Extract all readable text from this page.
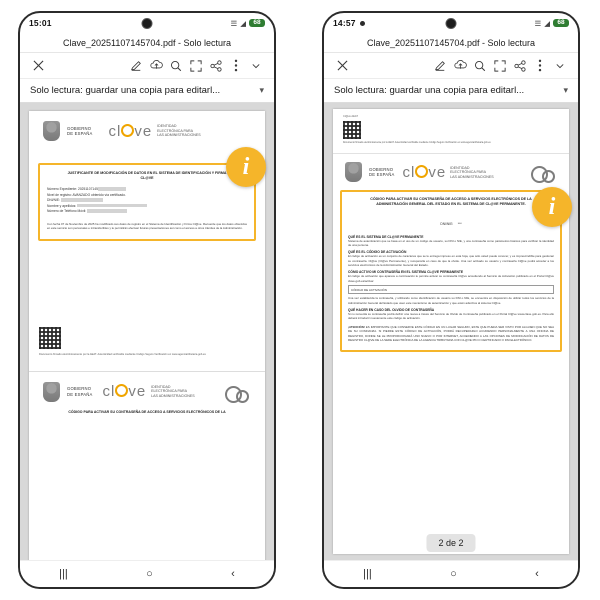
15:01	☰ ◢	68
Clave_20251107145704.pdf - Solo lectura
Solo lectura: guardar una copia para editarl...	▾
GOBIERNO
DE ESPAÑA cl ve IDENTIDAD
ELECTRÓNICA PARA
LAS ADMINISTRACIONES
JUSTIFICANTE DE MODIFICACIÓN DE DATOS EN EL SISTEMA DE IDENTIFICACIÓN Y FIRMA
CL@VE
Número Expediente: 20251107145
Nivel de registro: AVANZADO obtenido vía certificado.
DNI/NIE:
Nombre y apellidos:
Número de Teléfono Móvil:
Con fecha 07 de Noviembre de 2025 ha modificado sus datos de registro en el Sistema de Identificación y Firma Cl@ve. Recuerde que los datos obtenidos en este servicio son personales e intransferibles y le permitirán efectuar futuras presentaciones así como el acceso a otros trámites de la Administración.
Documento firmado electrónicamente por la AEAT. Autenticidad verificable mediante Código Seguro Verificación en www.agenciatributaria.gob.es
GOBIERNO
DE ESPAÑA cl ve IDENTIDAD
ELECTRÓNICA PARA
LAS ADMINISTRACIONES
CÓDIGO PARA ACTIVAR SU CONTRASEÑA DE ACCESO A SERVICIOS ELECTRÓNICOS DE LA
i
|||	○	‹
14:57	☰ ◢	68
Clave_20251107145704.pdf - Solo lectura
Solo lectura: guardar una copia para editarl...	▾
Cl@ve AEAT
Documento firmado electrónicamente por la AEAT. Autenticidad verificable mediante Código Seguro Verificación en www.agenciatributaria.gob.es
GOBIERNO
DE ESPAÑA cl ve IDENTIDAD
ELECTRÓNICA PARA
LAS ADMINISTRACIONES
CÓDIGO PARA ACTIVAR SU CONTRASEÑA DE ACCESO A SERVICIOS ELECTRÓNICOS DE LA
ADMINISTRACIÓN GENERAL DEL ESTADO EN EL SISTEMA DE CL@VE PERMANENTE.
DNI/NIE: ***
QUÉ ES EL SISTEMA DE CL@VE PERMANENTE
Sistema de autenticación que se basa en el uso de un código de usuario, su DNI o NIE, y una contraseña como parámetros básicos para verificar la identidad de una persona.
QUÉ ES EL CÓDIGO DE ACTIVACIÓN
El código de activación es un conjunto de caracteres que se le entrega impreso en esta hoja, que sólo usted puede conocer, y es imprescindible para gestionar su contraseña. Cl@ve (Cl@ve Permanente), y recuperarla en caso de que la olvide. Una vez activado su usuario y contraseña Cl@ve podrá acceder a los servicios electrónicos de la Administración General del Estado.
CÓMO ACTIVO MI CONTRASEÑA EN EL SISTEMA CL@VE PERMANENTE
El código de activación que aparece a continuación le permite activar su contraseña Cl@ve accediendo al Servicio de Activación publicado en el Portal Cl@ve clave.gob.es/activar
CÓDIGO DE ACTIVACIÓN
Una vez establecida la contraseña, y utilizando como identificación de usuario su DNI o NIE, se encuentra en disposición de utilizar todos los servicios de la Administración General del Estado que usen este mecanismo de autenticación y que estén adscritos al sistema Cl@ve.
QUÉ HACER EN CASO DEL OLVIDO DE CONTRASEÑA
Si no recuerda su contraseña podrá definir una nueva a través del Servicio de Olvido de Contraseña publicado en el Portal Cl@ve www.clave.gob.es. Para ello deberá introducir nuevamente este código de activación.
¡ATENCIÓN! ES IMPORTANTE QUE CONSERVE ESTE CÓDIGO EN UN LUGAR SEGURO, ESTE QUE PUEDA SER VISTO POR ALGUIEN QUE NO SEA DE SU CONFIANZA. SI PIERDE ESTE CÓDIGO DE ACTIVACIÓN, PODRÁ RECUPERARLO ACUDIENDO PERSONALMENTE A UNA OFICINA DE REGISTRO, DONDE SE LE PROPORCIONARÁ UNO NUEVO O POR INTERNET, ACCEDIENDO A LAS OPCIONES DE MODIFICACIÓN DE DATOS DE REGISTRO CL@VE DE LA SEDE ELECTRÓNICA DE LA AGENCIA TRIBUTARIA CON CL@VE PIN O CERTIFICADO O DNI ELECTRÓNICO.
i
2 de 2
|||	○	‹
